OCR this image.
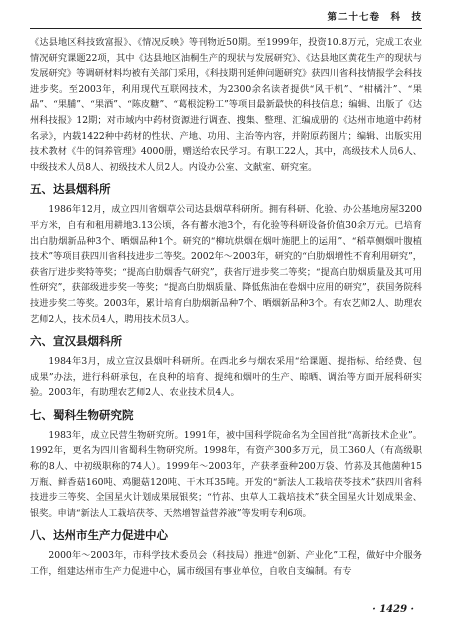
第二十七卷　科　技

《达县地区科技致富报》、《情况反映》等刊物近50期。至1999年，投资10.8万元，完成工农业情况研究课题22项，其中《达县地区油桐生产的现状与发展研究》、《达县地区黄花生产的现状与发展研究》等调研材料均被有关部门采用，《科技期刊延伸问题研究》获四川省科技情报学会科技进步奖。至2003年，利用现代互联网技术，为2300余名读者提供“风干机”、“柑橘汁”、“果晶”、“果脯”、“果酒”、“陈皮糖”、“葛根淀粉工”等项目最新最快的科技信息；编辑、出版了《达州科技报》12期；对市域内中药材资源进行调查、搜集、整理、汇编成册的《达州市地道中药材名录》，内载1422种中药材的性状、产地、功用、主治等内容，并附原药图片；编辑、出版实用技术教材《牛的饲养管理》4000册，赠送给农民学习。有职工22人，其中，高级技术人员6人、中级技术人员8人、初级技术人员2人。内设办公室、文献室、研究室。

五、达县烟科所

1986年12月，成立四川省烟草公司达县烟草科研所。拥有科研、化验、办公基地房屋3200平方米，自有和租用耕地3.13公顷，各有蓄水池3个，有化验等科研设备价值30余万元。已培育出白肋烟新品种3个、晒烟品种1个。研究的“柳坑烘烟在烟叶施肥上的运用”、“稻草侧烟叶腹植技术”等项目获四川省科技进步二等奖。2002年～2003年，研究的“白肋烟增性不育利用研究”，获省厅进步奖特等奖；“提高白肋烟香气研究”，获省厅进步奖二等奖；“提高白肋烟质量及其可用性研究”，获部级进步奖一等奖；“提高白肋烟质量、降低焦油在卷烟中应用的研究”，获国务院科技进步奖二等奖。2003年，累计培育白肋烟新品种7个、晒烟新品种3个。有农艺师2人、助理农艺师2人，技术员4人，聘用技术员3人。

六、宣汉县烟科所

1984年3月，成立宣汉县烟叶科研所。在西北乡与烟农采用“给课题、提指标、给经费、包成果”办法，进行科研承包，在良种的培育、提纯和烟叶的生产、晾晒、调治等方面开展科研实验。2003年，有助理农艺师2人、农业技术员4人。

七、蜀科生物研究院

1983年，成立民营生物研究所。1991年，被中国科学院命名为全国首批“高新技术企业”。1992年，更名为四川省蜀科生物研究所。1998年，有资产300多万元，员工360人（有高级职称的8人、中初级职称的74人）。1999年～2003年，产获孝蚕种200万袋、竹荪及其他菌种15万瓶、鲜香菇160吨、鸡腿菇120吨、干木耳35吨。开发的“新法人工栽培茯苓技术”获四川省科技进步三等奖、全国星火计划成果展银奖；“竹荪、虫草人工栽培技术”获全国星火计划成果金、银奖。申请“新法人工栽培茯苓、天然增智益营养液”等发明专利6项。

八、达州市生产力促进中心

2000年～2003年，市科学技术委员会（科技局）推进“创新、产业化”工程，做好中介服务工作，组建达州市生产力促进中心，属市级国有事业单位，自收自支编制。有专

· 1429 ·
